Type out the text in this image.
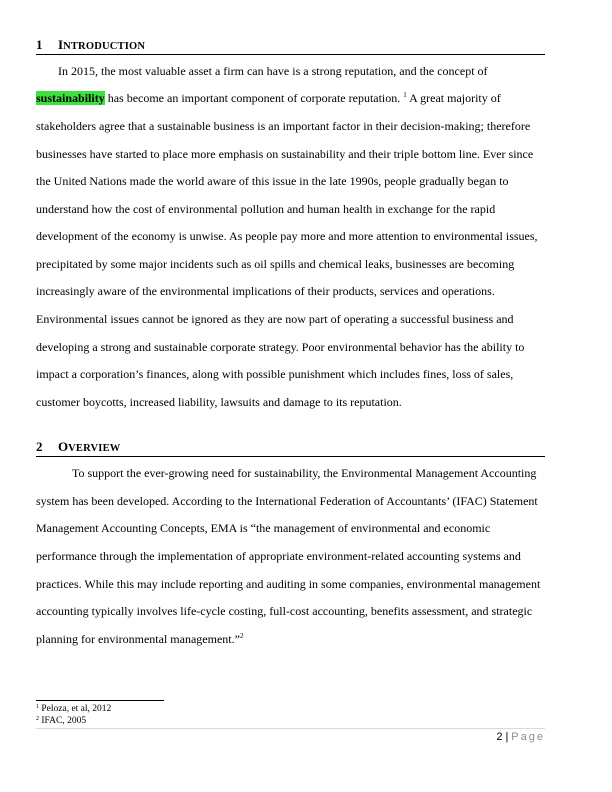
1 INTRODUCTION
In 2015, the most valuable asset a firm can have is a strong reputation, and the concept of
sustainability has become an important component of corporate reputation. $^1$ A great majority of
stakeholders agree that a sustainable business is an important factor in their decision-making; therefore
businesses have started to place more emphasis on sustainability and their triple bottom line. Ever since
the United Nations made the world aware of this issue in the late 1990s, people gradually began to
understand how the cost of environmental pollution and human health in exchange for the rapid
development of the economy is unwise. As people pay more and more attention to environmental issues,
precipitated by some major incidents such as oil spills and chemical leaks, businesses are becoming
increasingly aware of the environmental implications of their products, services and operations.
Environmental issues cannot be ignored as they are now part of operating a successful business and
developing a strong and sustainable corporate strategy. Poor environmental behavior has the ability to
impact a corporation’s finances, along with possible punishment which includes fines, loss of sales,
customer boycotts, increased liability, lawsuits and damage to its reputation.
2 OVERVIEW
To support the ever-growing need for sustainability, the Environmental Management Accounting
system has been developed. According to the International Federation of Accountants’ (IFAC) Statement
Management Accounting Concepts, EMA is “the management of environmental and economic
performance through the implementation of appropriate environment-related accounting systems and
practices. While this may include reporting and auditing in some companies, environmental management
accounting typically involves life-cycle costing, full-cost accounting, benefits assessment, and strategic
planning for environmental management.”$^2$
$^1$ Peloza, et al, 2012
$^2$ IFAC, 2005
2 | Page
